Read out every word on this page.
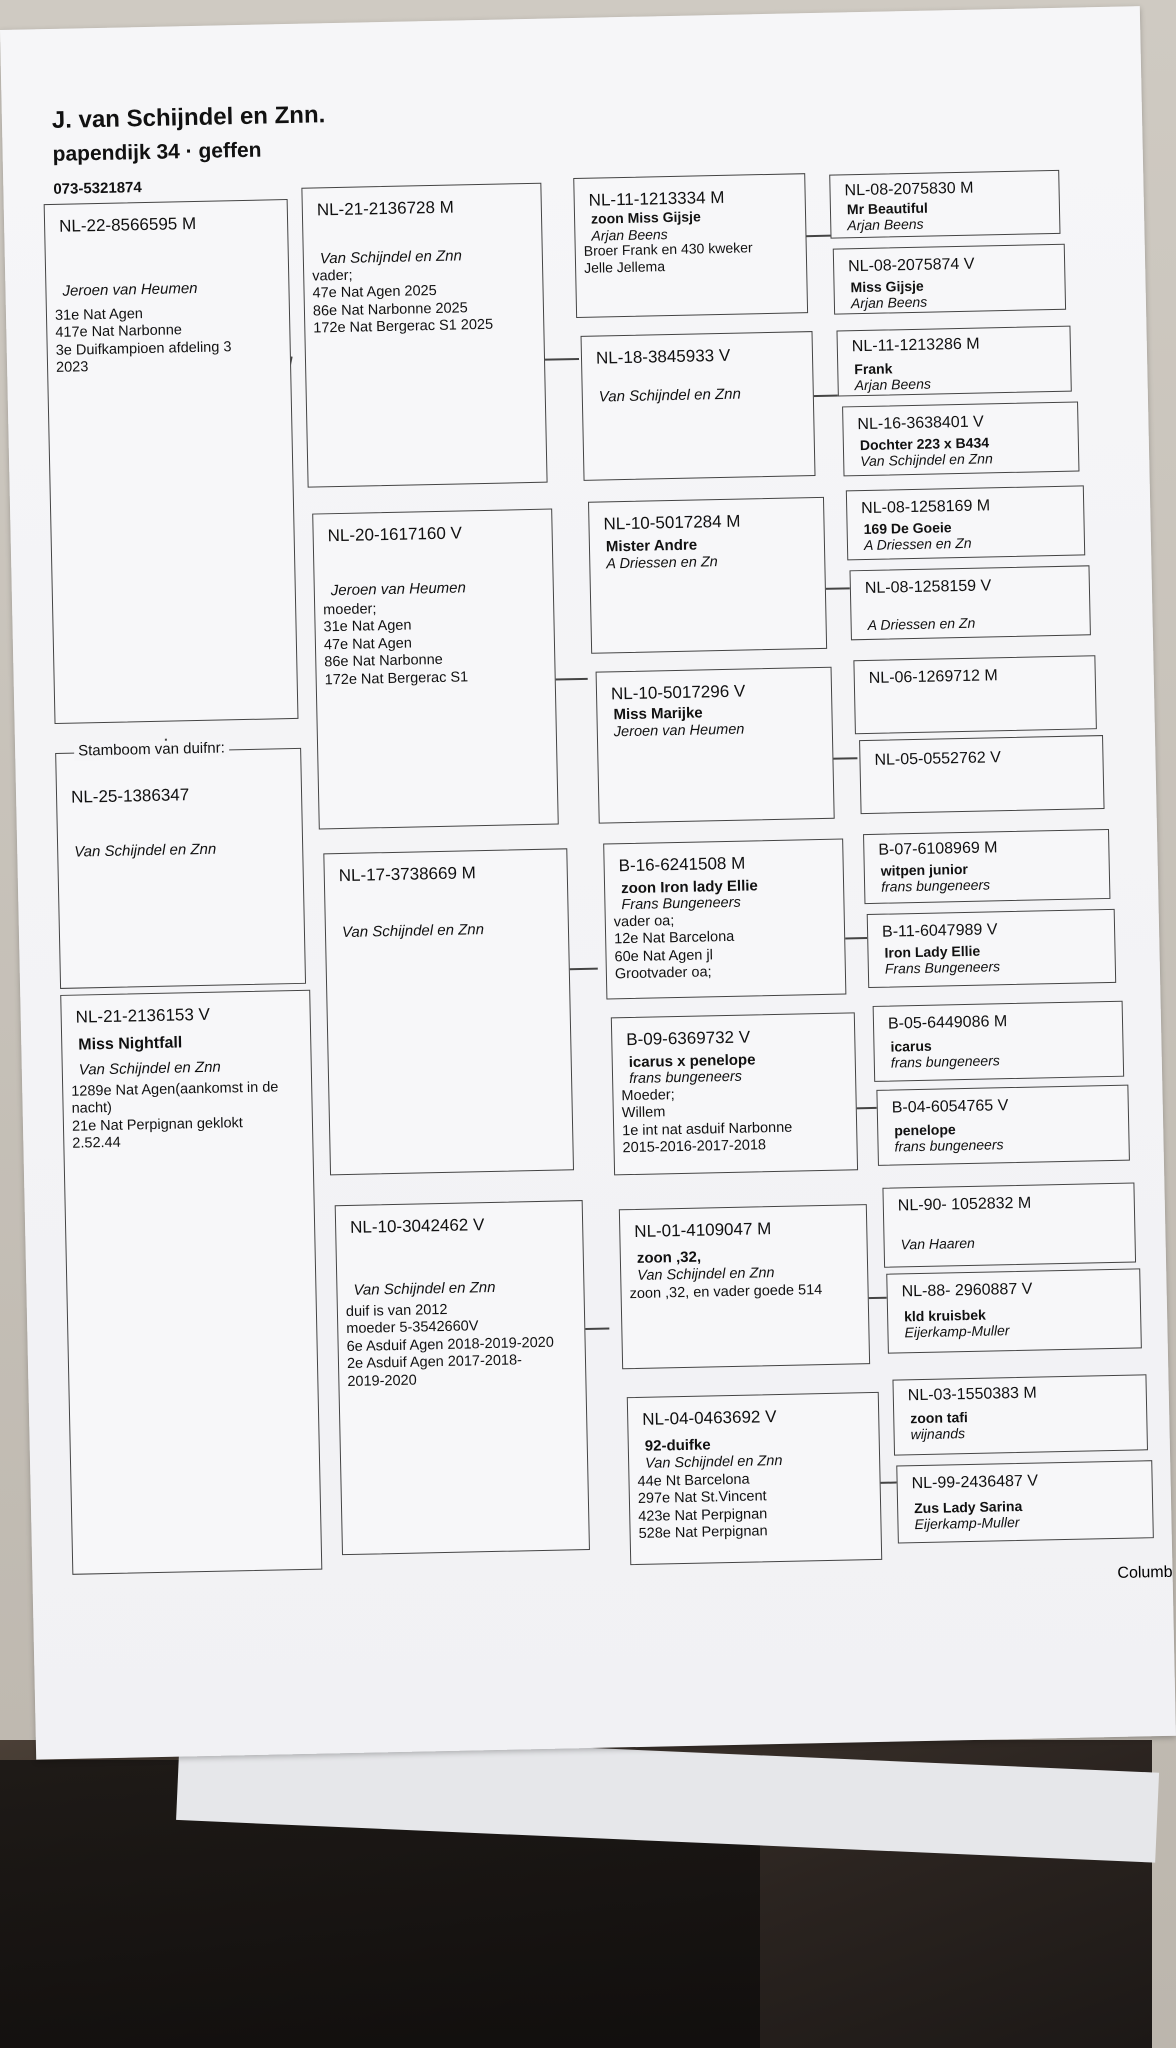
J. van Schijndel en Znn.
papendijk 34 · geffen
073-5321874
NL-22-8566595 M
Jeroen van Heumen
31e Nat Agen
417e Nat Narbonne
3e Duifkampioen afdeling 3
2023
Stamboom van duifnr:
NL-25-1386347
Van Schijndel en Znn
NL-21-2136153 V
Miss Nightfall
Van Schijndel en Znn
1289e Nat Agen(aankomst in de
nacht)
21e Nat Perpignan geklokt
2.52.44
NL-21-2136728 M
Van Schijndel en Znn
vader;
47e Nat Agen 2025
86e Nat Narbonne 2025
172e Nat Bergerac S1 2025
NL-20-1617160 V
Jeroen van Heumen
moeder;
31e Nat Agen
47e Nat Agen
86e Nat Narbonne
172e Nat Bergerac S1
NL-17-3738669 M
Van Schijndel en Znn
NL-10-3042462 V
Van Schijndel en Znn
duif is van 2012
moeder 5-3542660V
6e Asduif Agen 2018-2019-2020
2e Asduif Agen 2017-2018-
2019-2020
NL-11-1213334 M
zoon Miss Gijsje
Arjan Beens
Broer Frank en 430 kweker
Jelle Jellema
NL-18-3845933 V
Van Schijndel en Znn
NL-10-5017284 M
Mister Andre
A Driessen en Zn
NL-10-5017296 V
Miss Marijke
Jeroen van Heumen
B-16-6241508 M
zoon Iron lady Ellie
Frans Bungeneers
vader oa;
12e Nat Barcelona
60e Nat Agen jl
Grootvader oa;
B-09-6369732 V
icarus x penelope
frans bungeneers
Moeder;
Willem
1e int nat asduif Narbonne
2015-2016-2017-2018
NL-01-4109047 M
zoon ,32,
Van Schijndel en Znn
zoon ,32, en vader goede 514
NL-04-0463692 V
92-duifke
Van Schijndel en Znn
44e Nt Barcelona
297e Nat St.Vincent
423e Nat Perpignan
528e Nat Perpignan
NL-08-2075830 M
Mr Beautiful
Arjan Beens
NL-08-2075874 V
Miss Gijsje
Arjan Beens
NL-11-1213286 M
Frank
Arjan Beens
NL-16-3638401 V
Dochter 223 x B434
Van Schijndel en Znn
NL-08-1258169 M
169 De Goeie
A Driessen en Zn
NL-08-1258159 V
A Driessen en Zn
NL-06-1269712 M
NL-05-0552762 V
B-07-6108969 M
witpen junior
frans bungeneers
B-11-6047989 V
Iron Lady Ellie
Frans Bungeneers
B-05-6449086 M
icarus
frans bungeneers
B-04-6054765 V
penelope
frans bungeneers
NL-90- 1052832 M
Van Haaren
NL-88- 2960887 V
kld kruisbek
Eijerkamp-Muller
NL-03-1550383 M
zoon tafi
wijnands
NL-99-2436487 V
Zus Lady Sarina
Eijerkamp-Muller
Columb
